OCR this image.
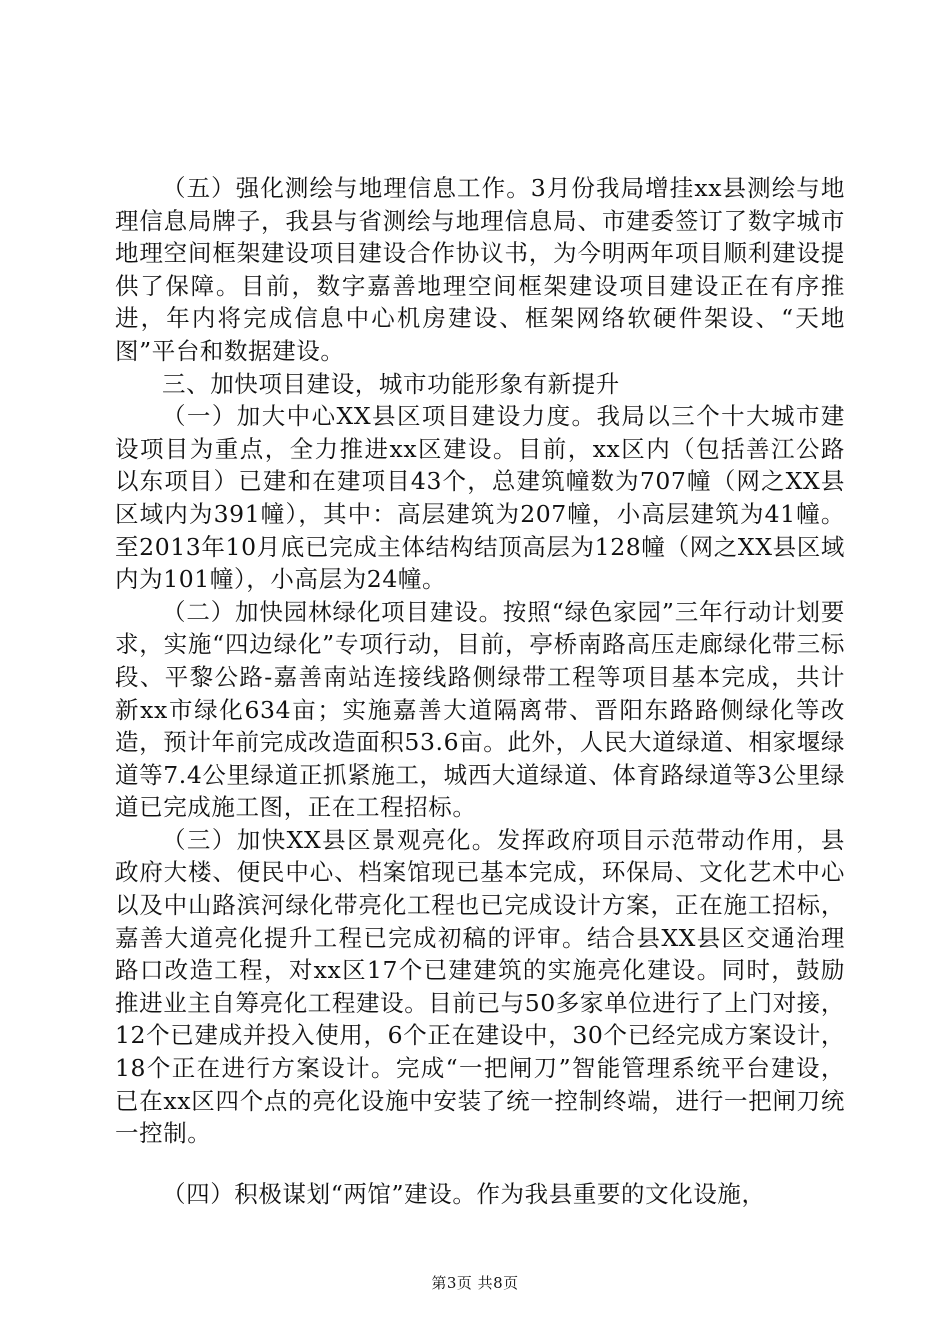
（五）强化测绘与地理信息工作。3月份我局增挂xx县测绘与地理信息局牌子，我县与省测绘与地理信息局、市建委签订了数字城市地理空间框架建设项目建设合作协议书，为今明两年项目顺利建设提供了保障。目前，数字嘉善地理空间框架建设项目建设正在有序推进，年内将完成信息中心机房建设、框架网络软硬件架设、“天地图”平台和数据建设。

三、加快项目建设，城市功能形象有新提升

（一）加大中心XX县区项目建设力度。我局以三个十大城市建设项目为重点，全力推进xx区建设。目前，xx区内（包括善江公路以东项目）已建和在建项目43个，总建筑幢数为707幢（网之XX县区域内为391幢），其中：高层建筑为207幢，小高层建筑为41幢。至2013年10月底已完成主体结构结顶高层为128幢（网之XX县区域内为101幢），小高层为24幢。

（二）加快园林绿化项目建设。按照“绿色家园”三年行动计划要求，实施“四边绿化”专项行动，目前，亭桥南路高压走廊绿化带三标段、平黎公路-嘉善南站连接线路侧绿带工程等项目基本完成，共计新xx市绿化634亩；实施嘉善大道隔离带、晋阳东路路侧绿化等改造，预计年前完成改造面积53.6亩。此外，人民大道绿道、相家堰绿道等7.4公里绿道正抓紧施工，城西大道绿道、体育路绿道等3公里绿道已完成施工图，正在工程招标。

（三）加快XX县区景观亮化。发挥政府项目示范带动作用，县政府大楼、便民中心、档案馆现已基本完成，环保局、文化艺术中心以及中山路滨河绿化带亮化工程也已完成设计方案，正在施工招标，嘉善大道亮化提升工程已完成初稿的评审。结合县XX县区交通治理路口改造工程，对xx区17个已建建筑的实施亮化建设。同时，鼓励推进业主自筹亮化工程建设。目前已与50多家单位进行了上门对接，12个已建成并投入使用，6个正在建设中，30个已经完成方案设计，18个正在进行方案设计。完成“一把闸刀”智能管理系统平台建设，已在xx区四个点的亮化设施中安装了统一控制终端，进行一把闸刀统一控制。

（四）积极谋划“两馆”建设。作为我县重要的文化设施，

第3页 共8页
